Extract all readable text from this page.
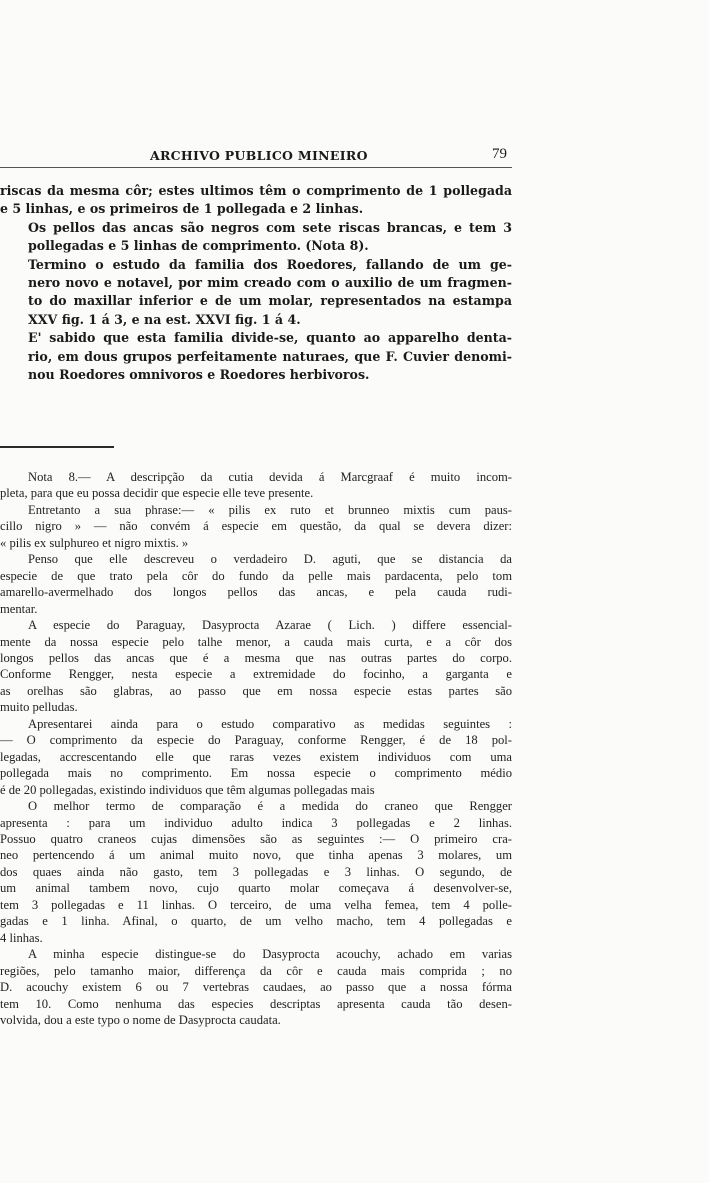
ARCHIVO PUBLICO MINEIRO	79

riscas da mesma côr; estes ultimos têm o comprimento de 1 pollegada
e 5 linhas, e os primeiros de 1 pollegada e 2 linhas.

Os pellos das ancas são negros com sete riscas brancas, e tem 3
pollegadas e 5 linhas de comprimento. (Nota 8).

Termino o estudo da familia dos Roedores, fallando de um ge-
nero novo e notavel, por mim creado com o auxilio de um fragmen-
to do maxillar inferior e de um molar, representados na estampa
XXV fig. 1 á 3, e na est. XXVI fig. 1 á 4.

E' sabido que esta familia divide-se, quanto ao apparelho denta-
rio, em dous grupos perfeitamente naturaes, que F. Cuvier denomi-
nou Roedores omnivoros e Roedores herbivoros.

Nota 8.— A descripção da cutia devida á Marcgraaf é muito incom-
pleta, para que eu possa decidir que especie elle teve presente.

Entretanto a sua phrase:— « pilis ex ruto et brunneo mixtis cum paus-
cillo nigro » — não convém á especie em questão, da qual se devera dizer:
« pilis ex sulphureo et nigro mixtis. »

Penso que elle descreveu o verdadeiro D. aguti, que se distancia da
especie de que trato pela côr do fundo da pelle mais pardacenta, pelo tom
amarello-avermelhado dos longos pellos das ancas, e pela cauda rudi-
mentar.

A especie do Paraguay, Dasyprocta Azarae ( Lich. ) differe essencial-
mente da nossa especie pelo talhe menor, a cauda mais curta, e a côr dos
longos pellos das ancas que é a mesma que nas outras partes do corpo.
Conforme Rengger, nesta especie a extremidade do focinho, a garganta e
as orelhas são glabras, ao passo que em nossa especie estas partes são
muito pelludas.

Apresentarei ainda para o estudo comparativo as medidas seguintes :
— O comprimento da especie do Paraguay, conforme Rengger, é de 18 pol-
legadas, accrescentando elle que raras vezes existem individuos com uma
pollegada mais no comprimento. Em nossa especie o comprimento médio
é de 20 pollegadas, existindo individuos que têm algumas pollegadas mais

O melhor termo de comparação é a medida do craneo que Rengger
apresenta : para um individuo adulto indica 3 pollegadas e 2 linhas.
Possuo quatro craneos cujas dimensões são as seguintes :— O primeiro cra-
neo pertencendo á um animal muito novo, que tinha apenas 3 molares, um
dos quaes ainda não gasto, tem 3 pollegadas e 3 linhas. O segundo, de
um animal tambem novo, cujo quarto molar começava á desenvolver-se,
tem 3 pollegadas e 11 linhas. O terceiro, de uma velha femea, tem 4 polle-
gadas e 1 linha. Afinal, o quarto, de um velho macho, tem 4 pollegadas e
4 linhas.

A minha especie distingue-se do Dasyprocta acouchy, achado em varias
regiões, pelo tamanho maior, differença da côr e cauda mais comprida ; no
D. acouchy existem 6 ou 7 vertebras caudaes, ao passo que a nossa fórma
tem 10. Como nenhuma das especies descriptas apresenta cauda tão desen-
volvida, dou a este typo o nome de Dasyprocta caudata.
